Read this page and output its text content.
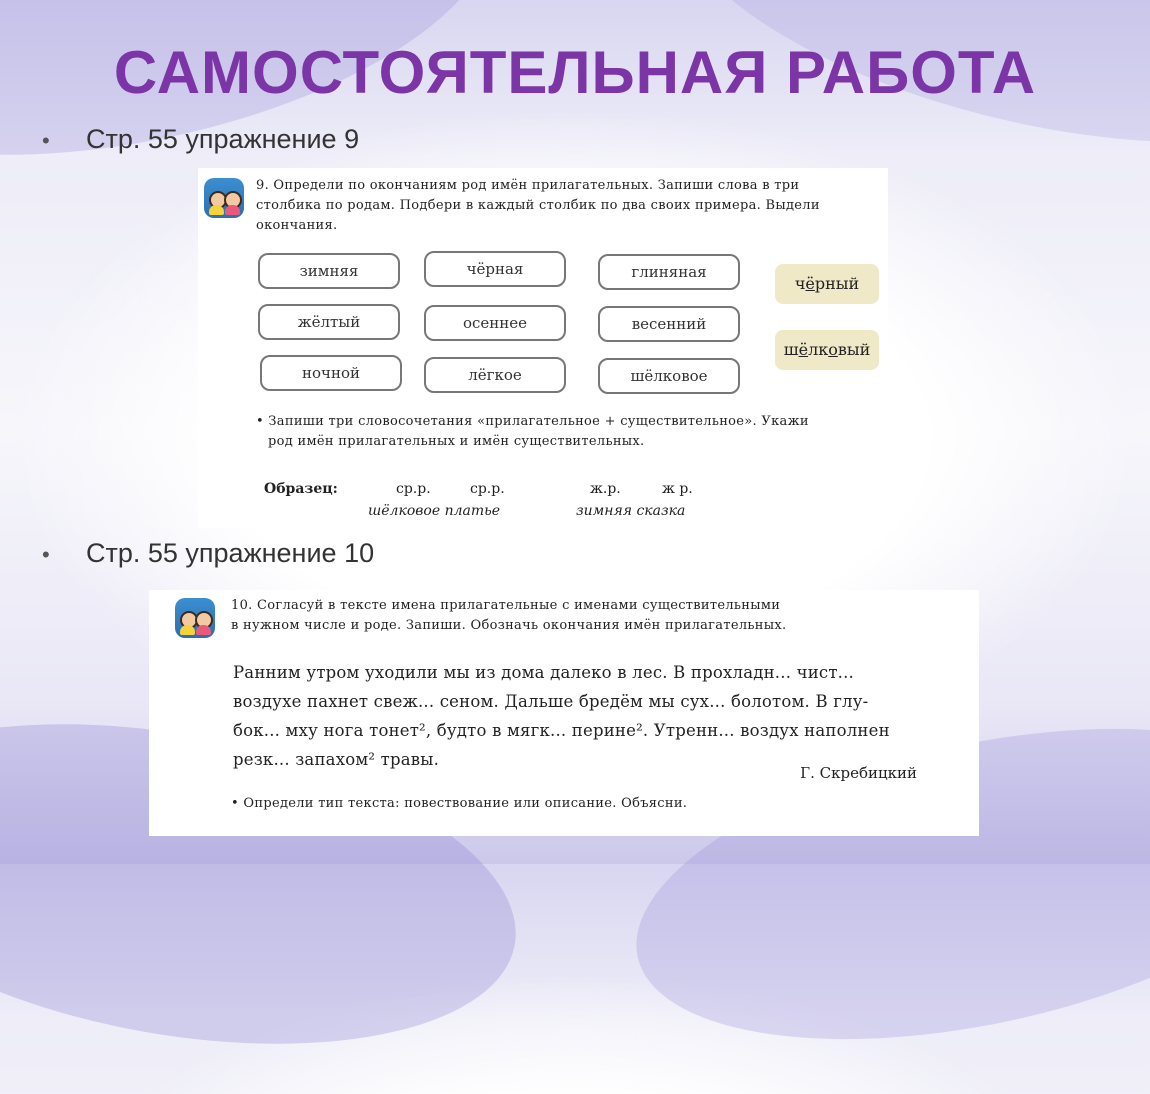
САМОСТОЯТЕЛЬНАЯ РАБОТА
• Стр. 55 упражнение 9
9. Определи по окончаниям род имён прилагательных. Запиши слова в три
столбика по родам. Подбери в каждый столбик по два своих примера. Выдели
окончания.
зимняя	чёрная	глиняная
жёлтый	осеннее	весенний
ночной	лёгкое	шёлковое
чёрный
шёлковый
• Запиши три словосочетания «прилагательное + существительное». Укажи
род имён прилагательных и имён существительных.
Образец:	ср.р.	ср.р.	ж.р.	ж р.
шёлковое платье	зимняя сказка
• Стр. 55 упражнение 10
10. Согласуй в тексте имена прилагательные с именами существительными
в нужном числе и роде. Запиши. Обозначь окончания имён прилагательных.
Ранним утром уходили мы из дома далеко в лес. В прохладн... чист...
воздухе пахнет свеж... сеном. Дальше бредём мы сух... болотом. В глу-
бок... мху нога тонет², будто в мягк... перине². Утренн... воздух наполнен
резк... запахом² травы.
Г. Скребицкий
• Определи тип текста: повествование или описание. Объясни.
